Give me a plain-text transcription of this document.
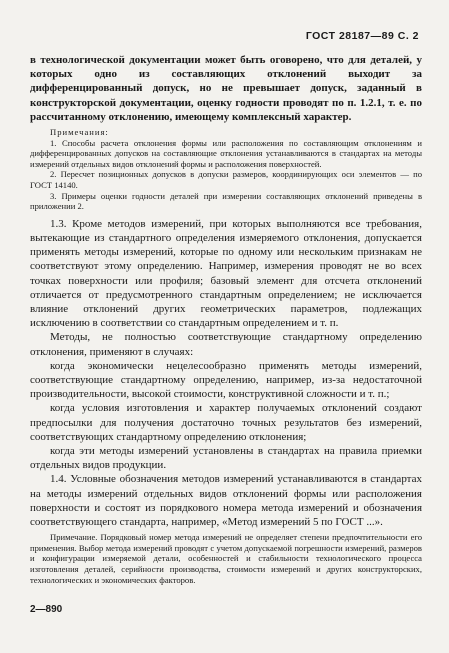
ГОСТ 28187—89 С. 2

в технологической документации может быть оговорено, что для деталей, у которых одно из составляющих отклонений выходит за дифференцированный допуск, но не превышает допуск, заданный в конструкторской документации, оценку годности проводят по п. 1.2.1, т. е. по рассчитанному отклонению, имеющему комплексный характер.

Примечания:

1. Способы расчета отклонения формы или расположения по составляющим отклонениям и дифференцированных допусков на составляющие отклонения устанавливаются в стандартах на методы измерений отдельных видов отклонений формы и расположения поверхностей.

2. Пересчет позиционных допусков в допуски размеров, координирующих оси элементов — по ГОСТ 14140.

3. Примеры оценки годности деталей при измерении составляющих отклонений приведены в приложении 2.

1.3. Кроме методов измерений, при которых выполняются все требования, вытекающие из стандартного определения измеряемого отклонения, допускается применять методы измерений, которые по одному или нескольким признакам не соответствуют этому определению. Например, измерения проводят не во всех точках поверхности или профиля; базовый элемент для отсчета отклонений отличается от предусмотренного стандартным определением; не исключается влияние отклонений других геометрических параметров, подлежащих исключению в соответствии со стандартным определением и т. п.

Методы, не полностью соответствующие стандартному определению отклонения, применяют в случаях:

когда экономически нецелесообразно применять методы измерений, соответствующие стандартному определению, например, из-за недостаточной производительности, высокой стоимости, конструктивной сложности и т. п.;

когда условия изготовления и характер получаемых отклонений создают предпосылки для получения достаточно точных результатов без измерений, соответствующих стандартному определению отклонения;

когда эти методы измерений установлены в стандартах на правила приемки отдельных видов продукции.

1.4. Условные обозначения методов измерений устанавливаются в стандартах на методы измерений отдельных видов отклонений формы или расположения поверхности и состоят из порядкового номера метода измерений и обозначения соответствующего стандарта, например, «Метод измерений 5 по ГОСТ ...».

Примечание. Порядковый номер метода измерений не определяет степени предпочтительности его применения. Выбор метода измерений проводят с учетом допускаемой погрешности измерений, размеров и конфигурации измеряемой детали, особенностей и стабильности технологического процесса изготовления деталей, серийности производства, стоимости измерений и других конструкторских, технологических и экономических факторов.

2—890
